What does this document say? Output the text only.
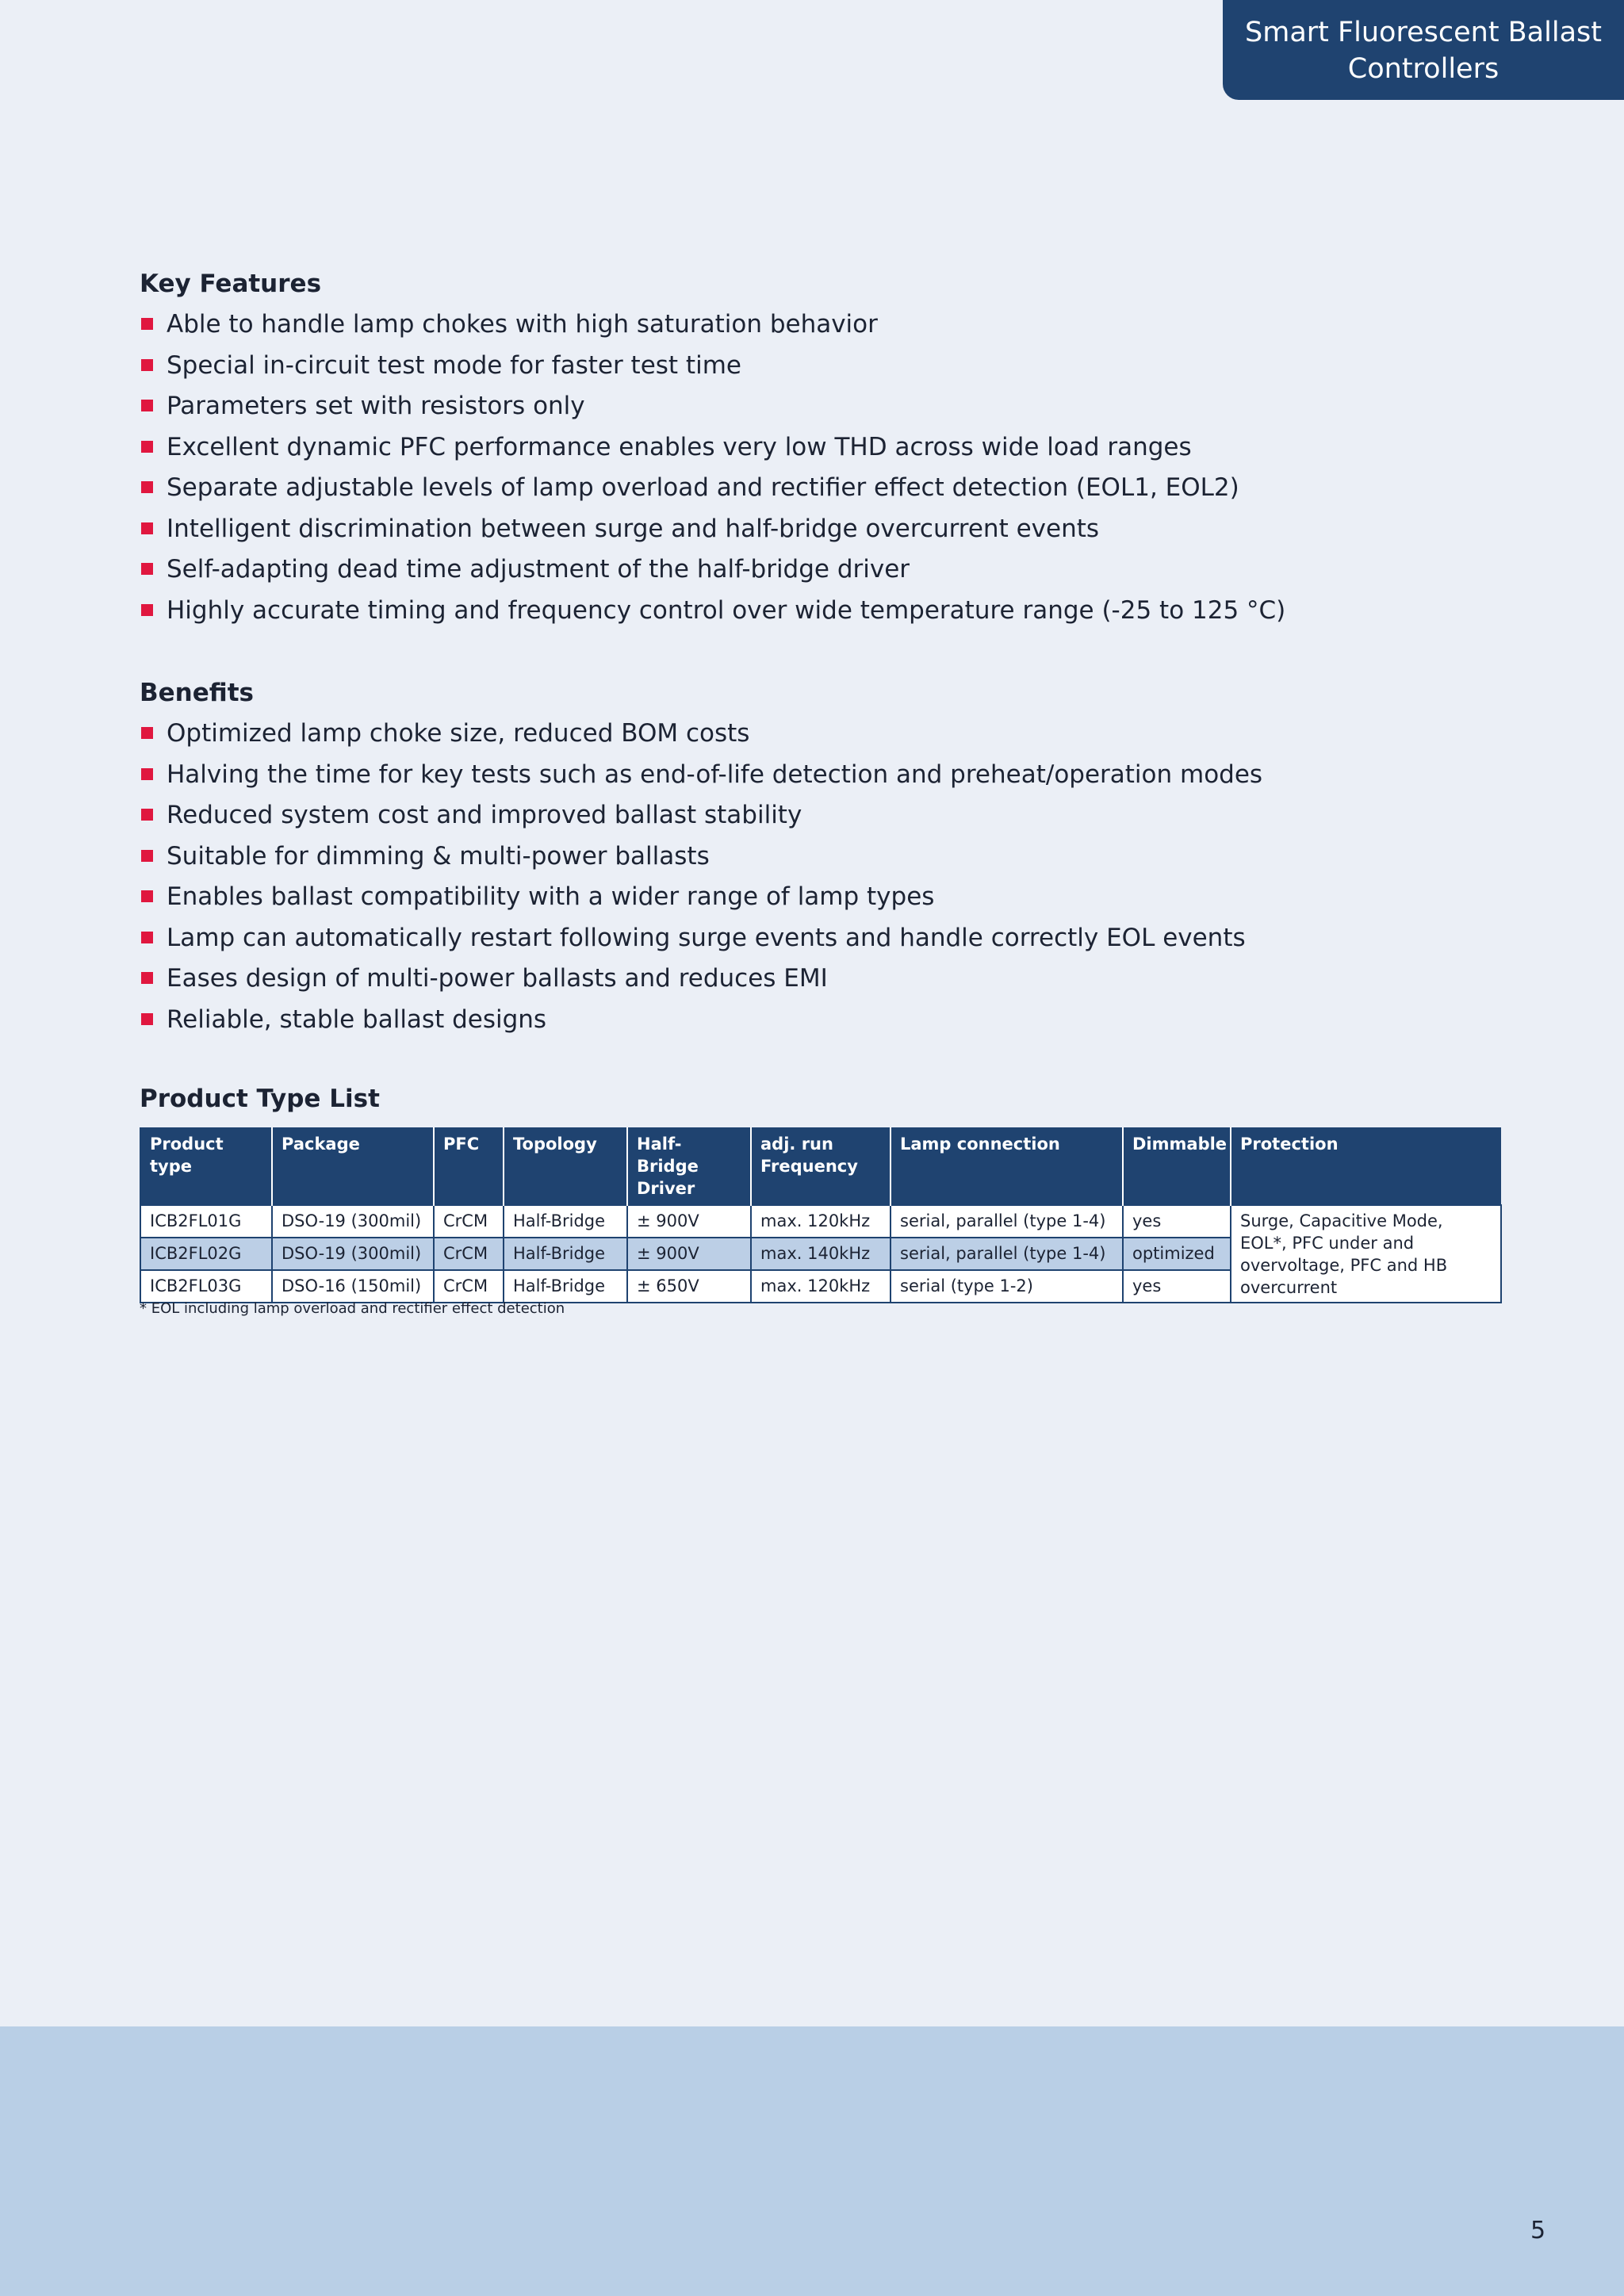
Smart Fluorescent Ballast
Controllers
Key Features
Able to handle lamp chokes with high saturation behavior
Special in-circuit test mode for faster test time
Parameters set with resistors only
Excellent dynamic PFC performance enables very low THD across wide load ranges
Separate adjustable levels of lamp overload and rectifier effect detection (EOL1, EOL2)
Intelligent discrimination between surge and half-bridge overcurrent events
Self-adapting dead time adjustment of the half-bridge driver
Highly accurate timing and frequency control over wide temperature range (-25 to 125 °C)
Benefits
Optimized lamp choke size, reduced BOM costs
Halving the time for key tests such as end-of-life detection and preheat/operation modes
Reduced system cost and improved ballast stability
Suitable for dimming & multi-power ballasts
Enables ballast compatibility with a wider range of lamp types
Lamp can automatically restart following surge events and handle correctly EOL events
Eases design of multi-power ballasts and reduces EMI
Reliable, stable ballast designs
Product Type List
Product type	Package	PFC	Topology	Half-Bridge Driver	adj. run Frequency	Lamp connection	Dimmable	Protection
ICB2FL01G	DSO-19 (300mil)	CrCM	Half-Bridge	± 900V	max. 120kHz	serial, parallel (type 1-4)	yes	Surge, Capacitive Mode, EOL*, PFC under and overvoltage, PFC and HB overcurrent
ICB2FL02G	DSO-19 (300mil)	CrCM	Half-Bridge	± 900V	max. 140kHz	serial, parallel (type 1-4)	optimized	
ICB2FL03G	DSO-16 (150mil)	CrCM	Half-Bridge	± 650V	max. 120kHz	serial (type 1-2)	yes	
* EOL including lamp overload and rectifier effect detection
5
